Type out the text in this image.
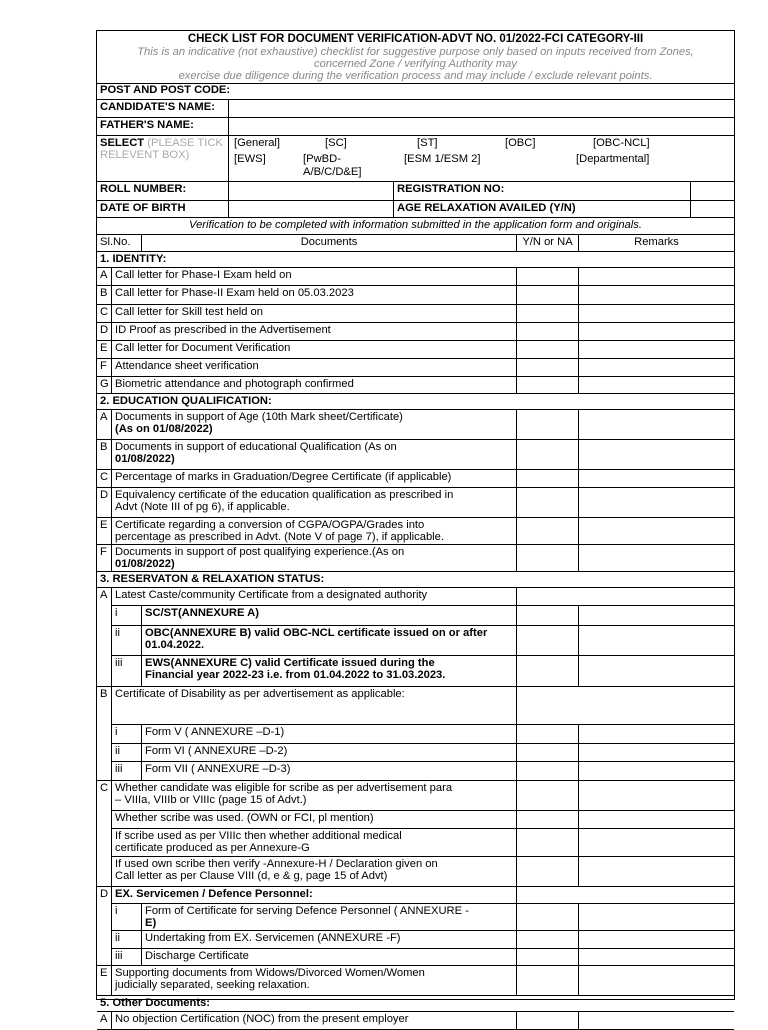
CHECK LIST FOR DOCUMENT VERIFICATION-ADVT NO. 01/2022-FCI CATEGORY-III
This is an indicative (not exhaustive) checklist for suggestive purpose only based on inputs received from Zones,
concerned Zone / verifying Authority may
exercise due diligence during the verification process and may include / exclude relevant points.
POST AND POST CODE:
CANDIDATE'S NAME:
FATHER'S NAME:
SELECT (PLEASE TICK
RELEVENT BOX)
[General]	[SC]	[ST]	[OBC]	[OBC-NCL]
[EWS]	[PwBD-
A/B/C/D&E]
[ESM 1/ESM 2]	[Departmental]
ROLL NUMBER:	REGISTRATION NO:
DATE OF BIRTH	AGE RELAXATION AVAILED (Y/N)
Verification to be completed with information submitted in the application form and originals.
Sl.No.	Documents	Y/N or NA	Remarks
1. IDENTITY:
A Call letter for Phase-I Exam held on
B Call letter for Phase-II Exam held on 05.03.2023
C Call letter for Skill test held on
D ID Proof as prescribed in the Advertisement
E Call letter for Document Verification
F Attendance sheet verification
G Biometric attendance and photograph confirmed
2. EDUCATION QUALIFICATION:
A Documents in support of Age (10th Mark sheet/Certificate)
(As on 01/08/2022)
B Documents in support of educational Qualification (As on
01/08/2022)
C Percentage of marks in Graduation/Degree Certificate (if applicable)
D Equivalency certificate of the education qualification as prescribed in
Advt (Note III of pg 6), if applicable.
E Certificate regarding a conversion of CGPA/OGPA/Grades into
percentage as prescribed in Advt. (Note V of page 7), if applicable.
F Documents in support of post qualifying experience.(As on
01/08/2022)
3. RESERVATON & RELAXATION STATUS:
A Latest Caste/community Certificate from a designated authority
i	SC/ST(ANNEXURE A)
ii	OBC(ANNEXURE B) valid OBC-NCL certificate issued on or after
01.04.2022.
iii	EWS(ANNEXURE C) valid Certificate issued during the
Financial year 2022-23 i.e. from 01.04.2022 to 31.03.2023.
B Certificate of Disability as per advertisement as applicable:
i	Form V ( ANNEXURE –D-1)
ii	Form VI ( ANNEXURE –D-2)
iii	Form VII ( ANNEXURE –D-3)
C Whether candidate was eligible for scribe as per advertisement para
– VIIIa, VIIIb or VIIIc (page 15 of Advt.)
Whether scribe was used. (OWN or FCI, pl mention)
If scribe used as per VIIIc then whether additional medical
certificate produced as per Annexure-G
If used own scribe then verify -Annexure-H / Declaration given on
Call letter as per Clause VIII (d, e & g, page 15 of Advt)
D EX. Servicemen / Defence Personnel:
i	Form of Certificate for serving Defence Personnel ( ANNEXURE -
E)
ii	Undertaking from EX. Servicemen (ANNEXURE -F)
iii	Discharge Certificate
E Supporting documents from Widows/Divorced Women/Women
judicially separated, seeking relaxation.
5. Other Documents:
A No objection Certification (NOC) from the present employer
